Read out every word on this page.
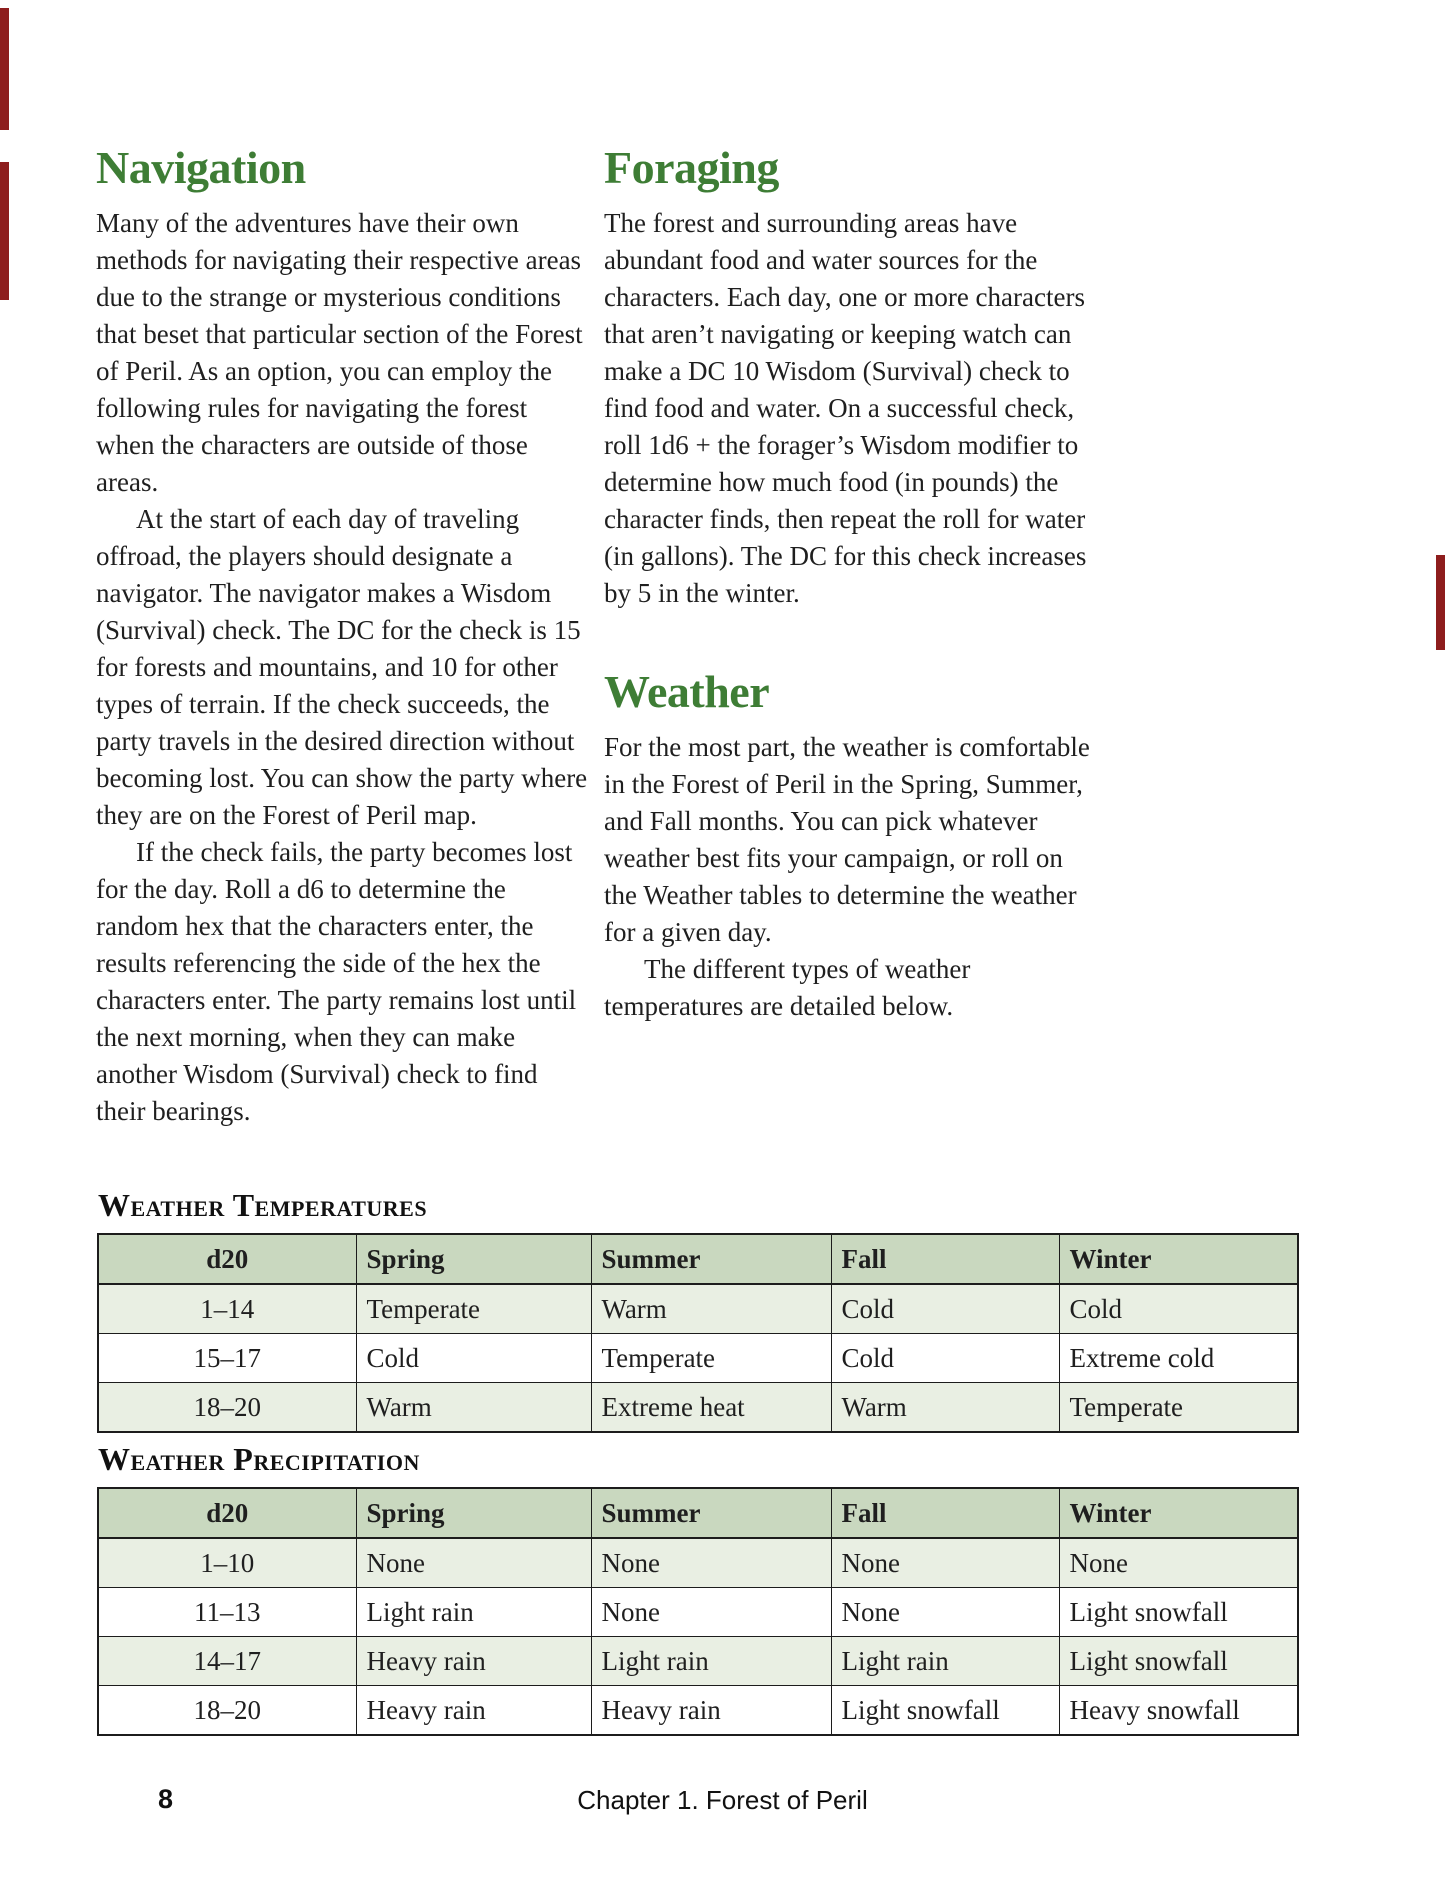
Navigation

Many of the adventures have their own methods for navigating their respective areas due to the strange or mysterious conditions that beset that particular section of the Forest of Peril. As an option, you can employ the following rules for navigating the forest when the characters are outside of those areas.

At the start of each day of traveling offroad, the players should designate a navigator. The navigator makes a Wisdom (Survival) check. The DC for the check is 15 for forests and mountains, and 10 for other types of terrain. If the check succeeds, the party travels in the desired direction without becoming lost. You can show the party where they are on the Forest of Peril map.

If the check fails, the party becomes lost for the day. Roll a d6 to determine the random hex that the characters enter, the results referencing the side of the hex the characters enter. The party remains lost until the next morning, when they can make another Wisdom (Survival) check to find their bearings.

Foraging

The forest and surrounding areas have abundant food and water sources for the characters. Each day, one or more characters that aren’t navigating or keeping watch can make a DC 10 Wisdom (Survival) check to find food and water. On a successful check, roll 1d6 + the forager’s Wisdom modifier to determine how much food (in pounds) the character finds, then repeat the roll for water (in gallons). The DC for this check increases by 5 in the winter.

Weather

For the most part, the weather is comfortable in the Forest of Peril in the Spring, Summer, and Fall months. You can pick whatever weather best fits your campaign, or roll on the Weather tables to determine the weather for a given day.

The different types of weather temperatures are detailed below.

Weather Temperatures
d20	Spring	Summer	Fall	Winter
1–14	Temperate	Warm	Cold	Cold
15–17	Cold	Temperate	Cold	Extreme cold
18–20	Warm	Extreme heat	Warm	Temperate
Weather Precipitation
d20	Spring	Summer	Fall	Winter
1–10	None	None	None	None
11–13	Light rain	None	None	Light snowfall
14–17	Heavy rain	Light rain	Light rain	Light snowfall
18–20	Heavy rain	Heavy rain	Light snowfall	Heavy snowfall
8	Chapter 1. Forest of Peril
